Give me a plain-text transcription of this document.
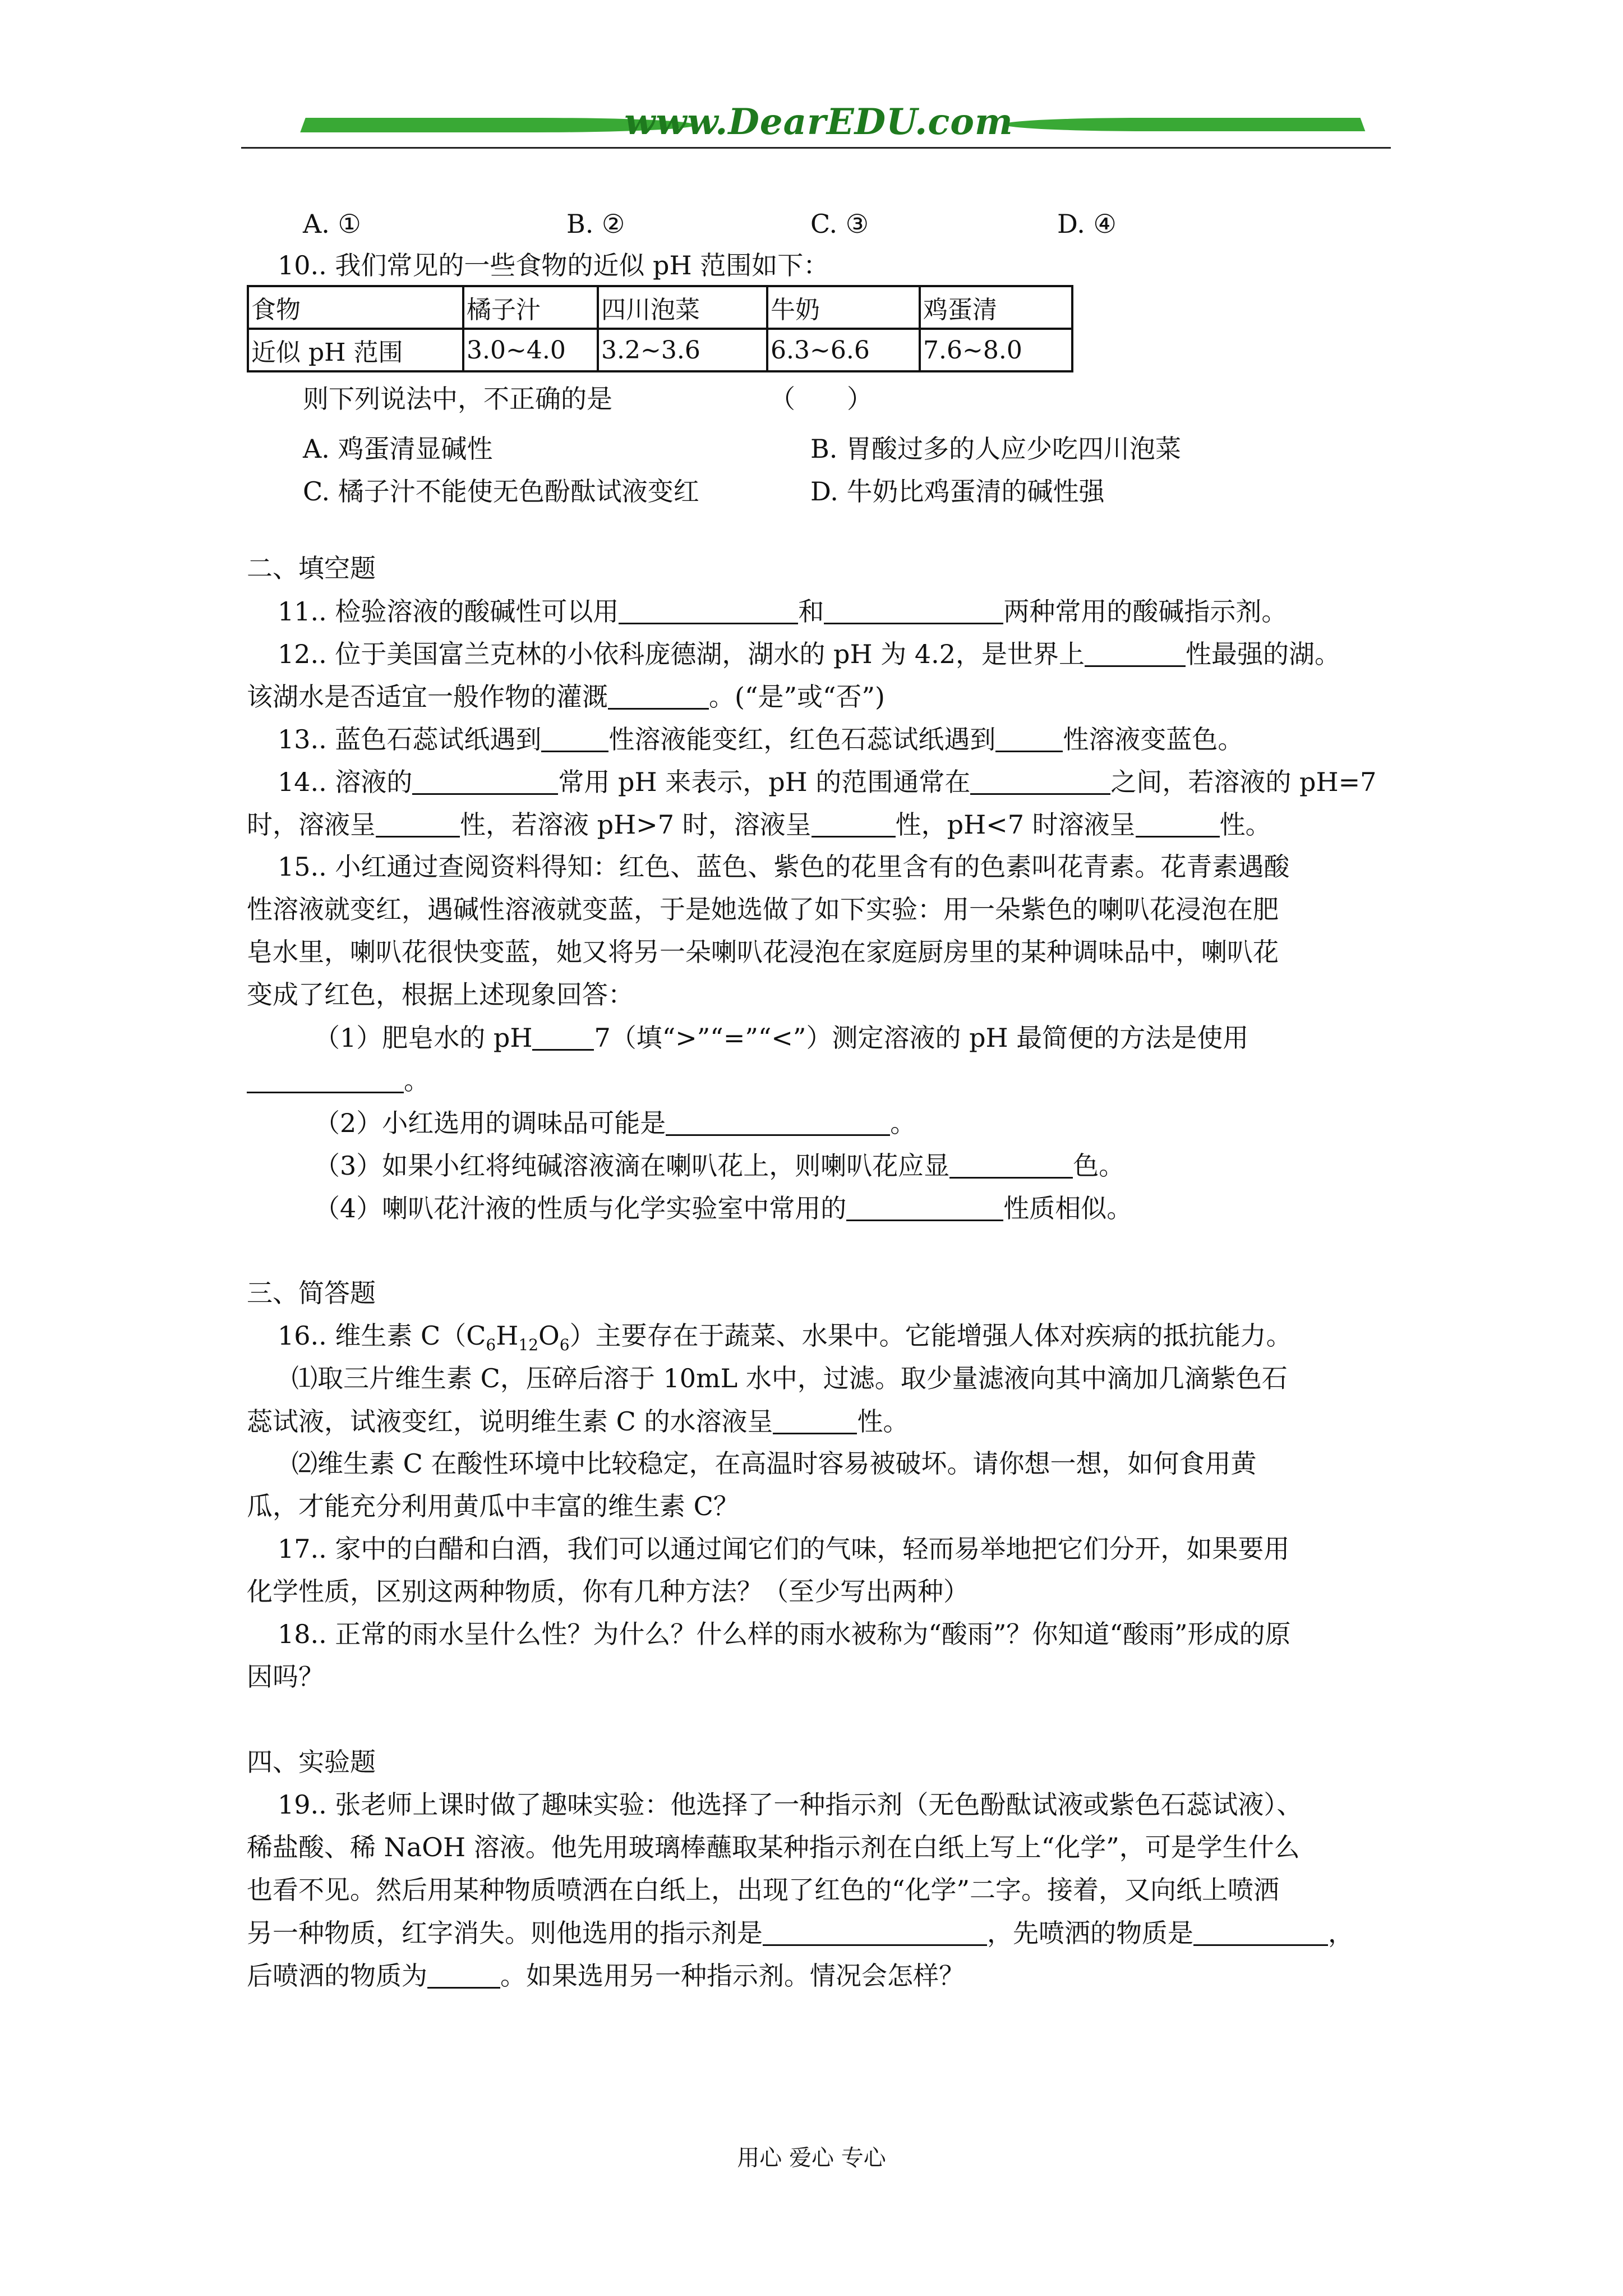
www.DearEDU.com
A. ①	B. ②	C. ③	D. ④
10.. 我们常见的一些食物的近似 pH 范围如下：
食物	橘子汁	四川泡菜	牛奶	鸡蛋清
近似 pH 范围	3.0~4.0	3.2~3.6	6.3~6.6	7.6~8.0
则下列说法中，不正确的是	（　　）
A. 鸡蛋清显碱性	B. 胃酸过多的人应少吃四川泡菜
C. 橘子汁不能使无色酚酞试液变红	D. 牛奶比鸡蛋清的碱性强
二、填空题
11.. 检验溶液的酸碱性可以用	和	两种常用的酸碱指示剂。
12.. 位于美国富兰克林的小依科庞德湖，湖水的 pH 为 4.2，是世界上	性最强的湖。
该湖水是否适宜一般作物的灌溉	。(“是”或“否”)
13.. 蓝色石蕊试纸遇到	性溶液能变红，红色石蕊试纸遇到	性溶液变蓝色。
14.. 溶液的	常用 pH 来表示，pH 的范围通常在	之间，若溶液的 pH=7
时，溶液呈	性，若溶液 pH>7 时，溶液呈	性，pH<7 时溶液呈	性。
15.. 小红通过查阅资料得知：红色、蓝色、紫色的花里含有的色素叫花青素。花青素遇酸
性溶液就变红，遇碱性溶液就变蓝，于是她选做了如下实验：用一朵紫色的喇叭花浸泡在肥
皂水里，喇叭花很快变蓝，她又将另一朵喇叭花浸泡在家庭厨房里的某种调味品中，喇叭花
变成了红色，根据上述现象回答：
（1）肥皂水的 pH 7（填“>”“=”“<”）测定溶液的 pH 最简便的方法是使用
。
（2）小红选用的调味品可能是	。
（3）如果小红将纯碱溶液滴在喇叭花上，则喇叭花应显	色。
（4）喇叭花汁液的性质与化学实验室中常用的	性质相似。
三、简答题
16.. 维生素 $C(C_6H_{12}O_6)$主要存在于蔬菜、水果中。它能增强人体对疾病的抵抗能力。
⑴取三片维生素 C，压碎后溶于 10mL 水中，过滤。取少量滤液向其中滴加几滴紫色石
蕊试液，试液变红，说明维生素 C 的水溶液呈	性。
⑵维生素 C 在酸性环境中比较稳定，在高温时容易被破坏。请你想一想，如何食用黄
瓜，才能充分利用黄瓜中丰富的维生素 C？
17.. 家中的白醋和白酒，我们可以通过闻它们的气味，轻而易举地把它们分开，如果要用
化学性质，区别这两种物质，你有几种方法？（至少写出两种）
18.. 正常的雨水呈什么性？为什么？什么样的雨水被称为“酸雨”？你知道“酸雨”形成的原
因吗？
四、实验题
19.. 张老师上课时做了趣味实验：他选择了一种指示剂（无色酚酞试液或紫色石蕊试液）、
稀盐酸、稀 NaOH 溶液。他先用玻璃棒蘸取某种指示剂在白纸上写上“化学”，可是学生什么
也看不见。然后用某种物质喷洒在白纸上，出现了红色的“化学”二字。接着，又向纸上喷洒
另一种物质，红字消失。则他选用的指示剂是	，先喷洒的物质是	，
后喷洒的物质为	。如果选用另一种指示剂。情况会怎样？
用心 爱心 专心
